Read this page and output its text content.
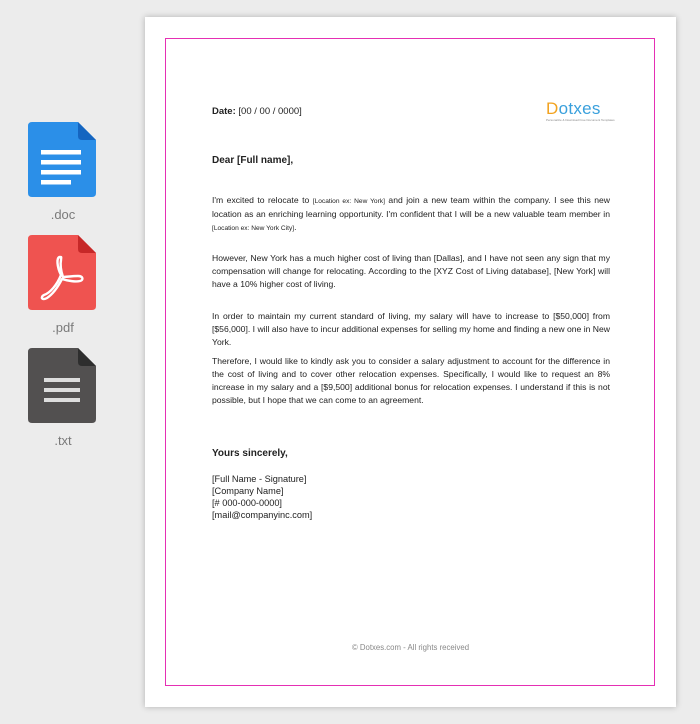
.doc
.pdf
.txt
Date: [00 / 00 / 0000]	Dotxes
Personalize & Download Free Document Templates
Dear [Full name],

I'm excited to relocate to [Location ex: New York] and join a new team within the company. I see this new location as an enriching learning opportunity. I'm confident that I will be a new valuable team member in [Location ex: New York City].

However, New York has a much higher cost of living than [Dallas], and I have not seen any sign that my compensation will change for relocating. According to the [XYZ Cost of Living database], [New York] will have a 10% higher cost of living.

In order to maintain my current standard of living, my salary will have to increase to [$50,000] from [$56,000]. I will also have to incur additional expenses for selling my home and finding a new one in New York.

Therefore, I would like to kindly ask you to consider a salary adjustment to account for the difference in the cost of living and to cover other relocation expenses. Specifically, I would like to request an 8% increase in my salary and a [$9,500] additional bonus for relocation expenses. I understand if this is not possible, but I hope that we can come to an agreement.

Yours sincerely,
[Full Name - Signature]
[Company Name]
[# 000-000-0000]
[mail@companyinc.com]
© Dotxes.com - All rights received
